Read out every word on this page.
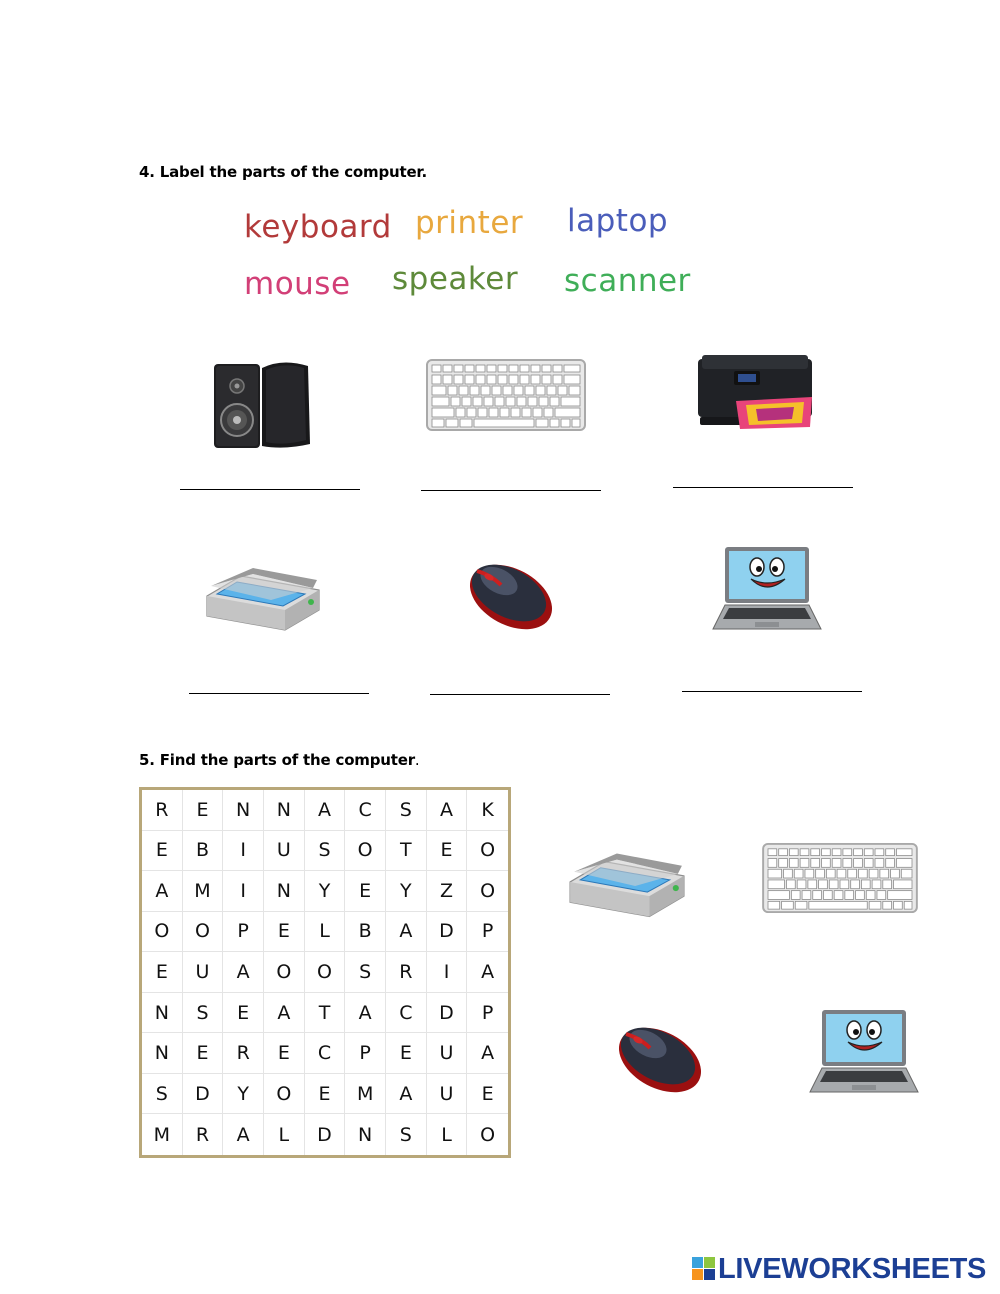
4. Label the parts of the computer.
keyboard printer laptop
mouse speaker scanner
5. Find the parts of the computer.
R	E	N	N	A	C	S	A	K
E	B	I	U	S	O	T	E	O
A	M	I	N	Y	E	Y	Z	O
O	O	P	E	L	B	A	D	P
E	U	A	O	O	S	R	I	A
N	S	E	A	T	A	C	D	P
N	E	R	E	C	P	E	U	A
S	D	Y	O	E	M	A	U	E
M	R	A	L	D	N	S	L	O
LIVEWORKSHEETS
